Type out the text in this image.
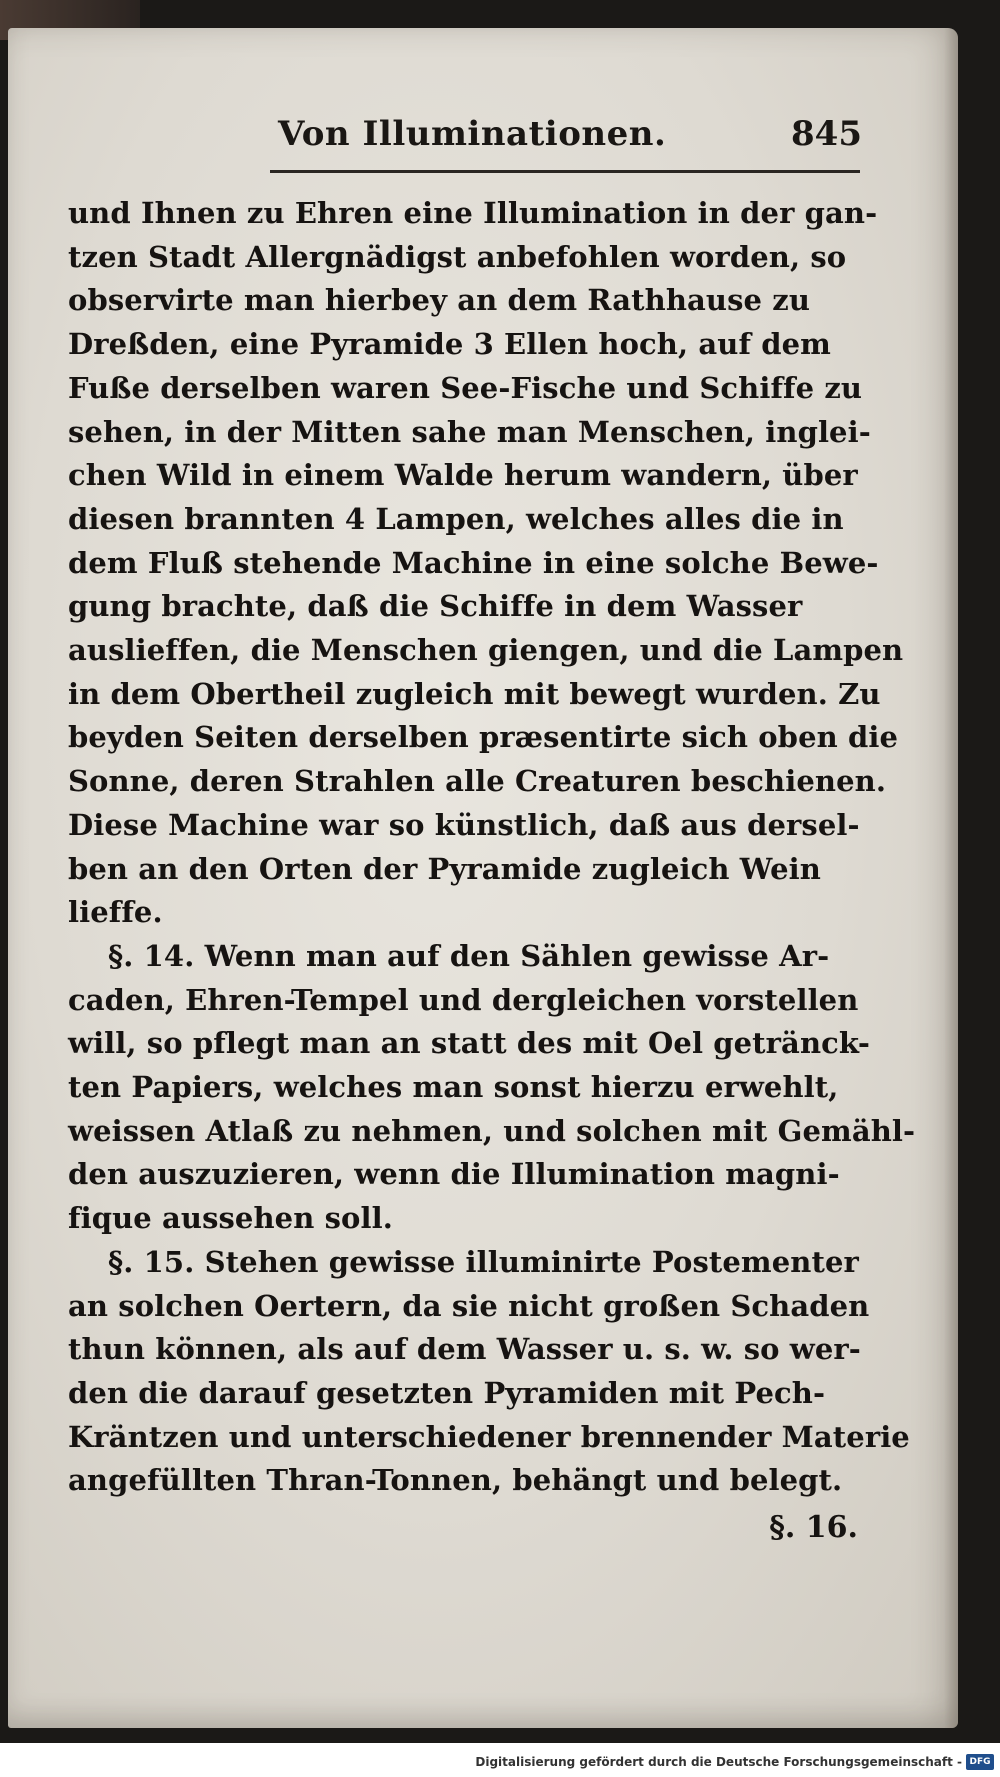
Von Illuminationen.	845
und Ihnen zu Ehren eine Illumination in der gan-
tzen Stadt Allergnädigst anbefohlen worden, so
observirte man hierbey an dem Rathhause zu
Dreßden, eine Pyramide 3 Ellen hoch, auf dem
Fuße derselben waren See-Fische und Schiffe zu
sehen, in der Mitten sahe man Menschen, inglei-
chen Wild in einem Walde herum wandern, über
diesen brannten 4 Lampen, welches alles die in
dem Fluß stehende Machine in eine solche Bewe-
gung brachte, daß die Schiffe in dem Wasser
auslieffen, die Menschen giengen, und die Lampen
in dem Obertheil zugleich mit bewegt wurden. Zu
beyden Seiten derselben præsentirte sich oben die
Sonne, deren Strahlen alle Creaturen beschienen.
Diese Machine war so künstlich, daß aus dersel-
ben an den Orten der Pyramide zugleich Wein
lieffe.
§. 14. Wenn man auf den Sählen gewisse Ar-
caden, Ehren-Tempel und dergleichen vorstellen
will, so pflegt man an statt des mit Oel getränck-
ten Papiers, welches man sonst hierzu erwehlt,
weissen Atlaß zu nehmen, und solchen mit Gemähl-
den auszuzieren, wenn die Illumination magni-
fique aussehen soll.
§. 15. Stehen gewisse illuminirte Postementer
an solchen Oertern, da sie nicht großen Schaden
thun können, als auf dem Wasser u. s. w. so wer-
den die darauf gesetzten Pyramiden mit Pech-
Kräntzen und unterschiedener brennender Materie
angefüllten Thran-Tonnen, behängt und belegt.
§. 16.
Digitalisierung gefördert durch die Deutsche Forschungsgemeinschaft - DFG
